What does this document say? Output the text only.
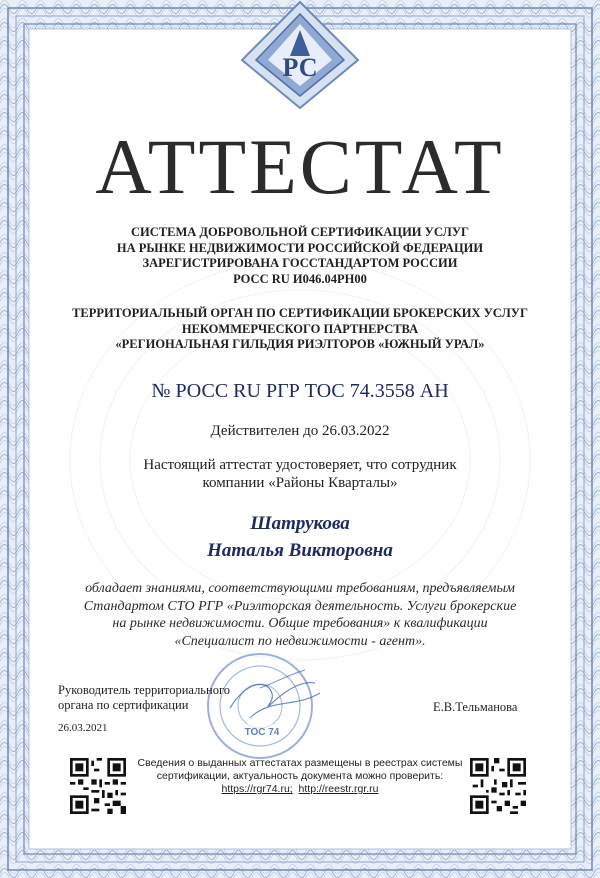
РС
АТТЕСТАТ
СИСТЕМА ДОБРОВОЛЬНОЙ СЕРТИФИКАЦИИ УСЛУГ
НА РЫНКЕ НЕДВИЖИМОСТИ РОССИЙСКОЙ ФЕДЕРАЦИИ
ЗАРЕГИСТРИРОВАНА ГОССТАНДАРТОМ РОССИИ
РОСС RU И046.04РН00
ТЕРРИТОРИАЛЬНЫЙ ОРГАН ПО СЕРТИФИКАЦИИ БРОКЕРСКИХ УСЛУГ
НЕКОММЕРЧЕСКОГО ПАРТНЕРСТВА
«РЕГИОНАЛЬНАЯ ГИЛЬДИЯ РИЭЛТОРОВ «ЮЖНЫЙ УРАЛ»
№ РОСС RU РГР ТОС 74.3558 АН
Действителен до 26.03.2022
Настоящий аттестат удостоверяет, что сотрудник
компании «Районы Кварталы»
Шатрукова
Наталья Викторовна
обладает знаниями, соответствующими требованиям, предъявляемым
Стандартом СТО РГР «Риэлторская деятельность. Услуги брокерские
на рынке недвижимости. Общие требования» к квалификации
«Специалист по недвижимости - агент».
ТОС 74
Руководитель территориального
органа по сертификации
26.03.2021
Е.В.Тельманова
Сведения о выданных аттестатах размещены в реестрах системы
сертификации, актуальность документа можно проверить:
https://rgr74.ru; http://reestr.rgr.ru
